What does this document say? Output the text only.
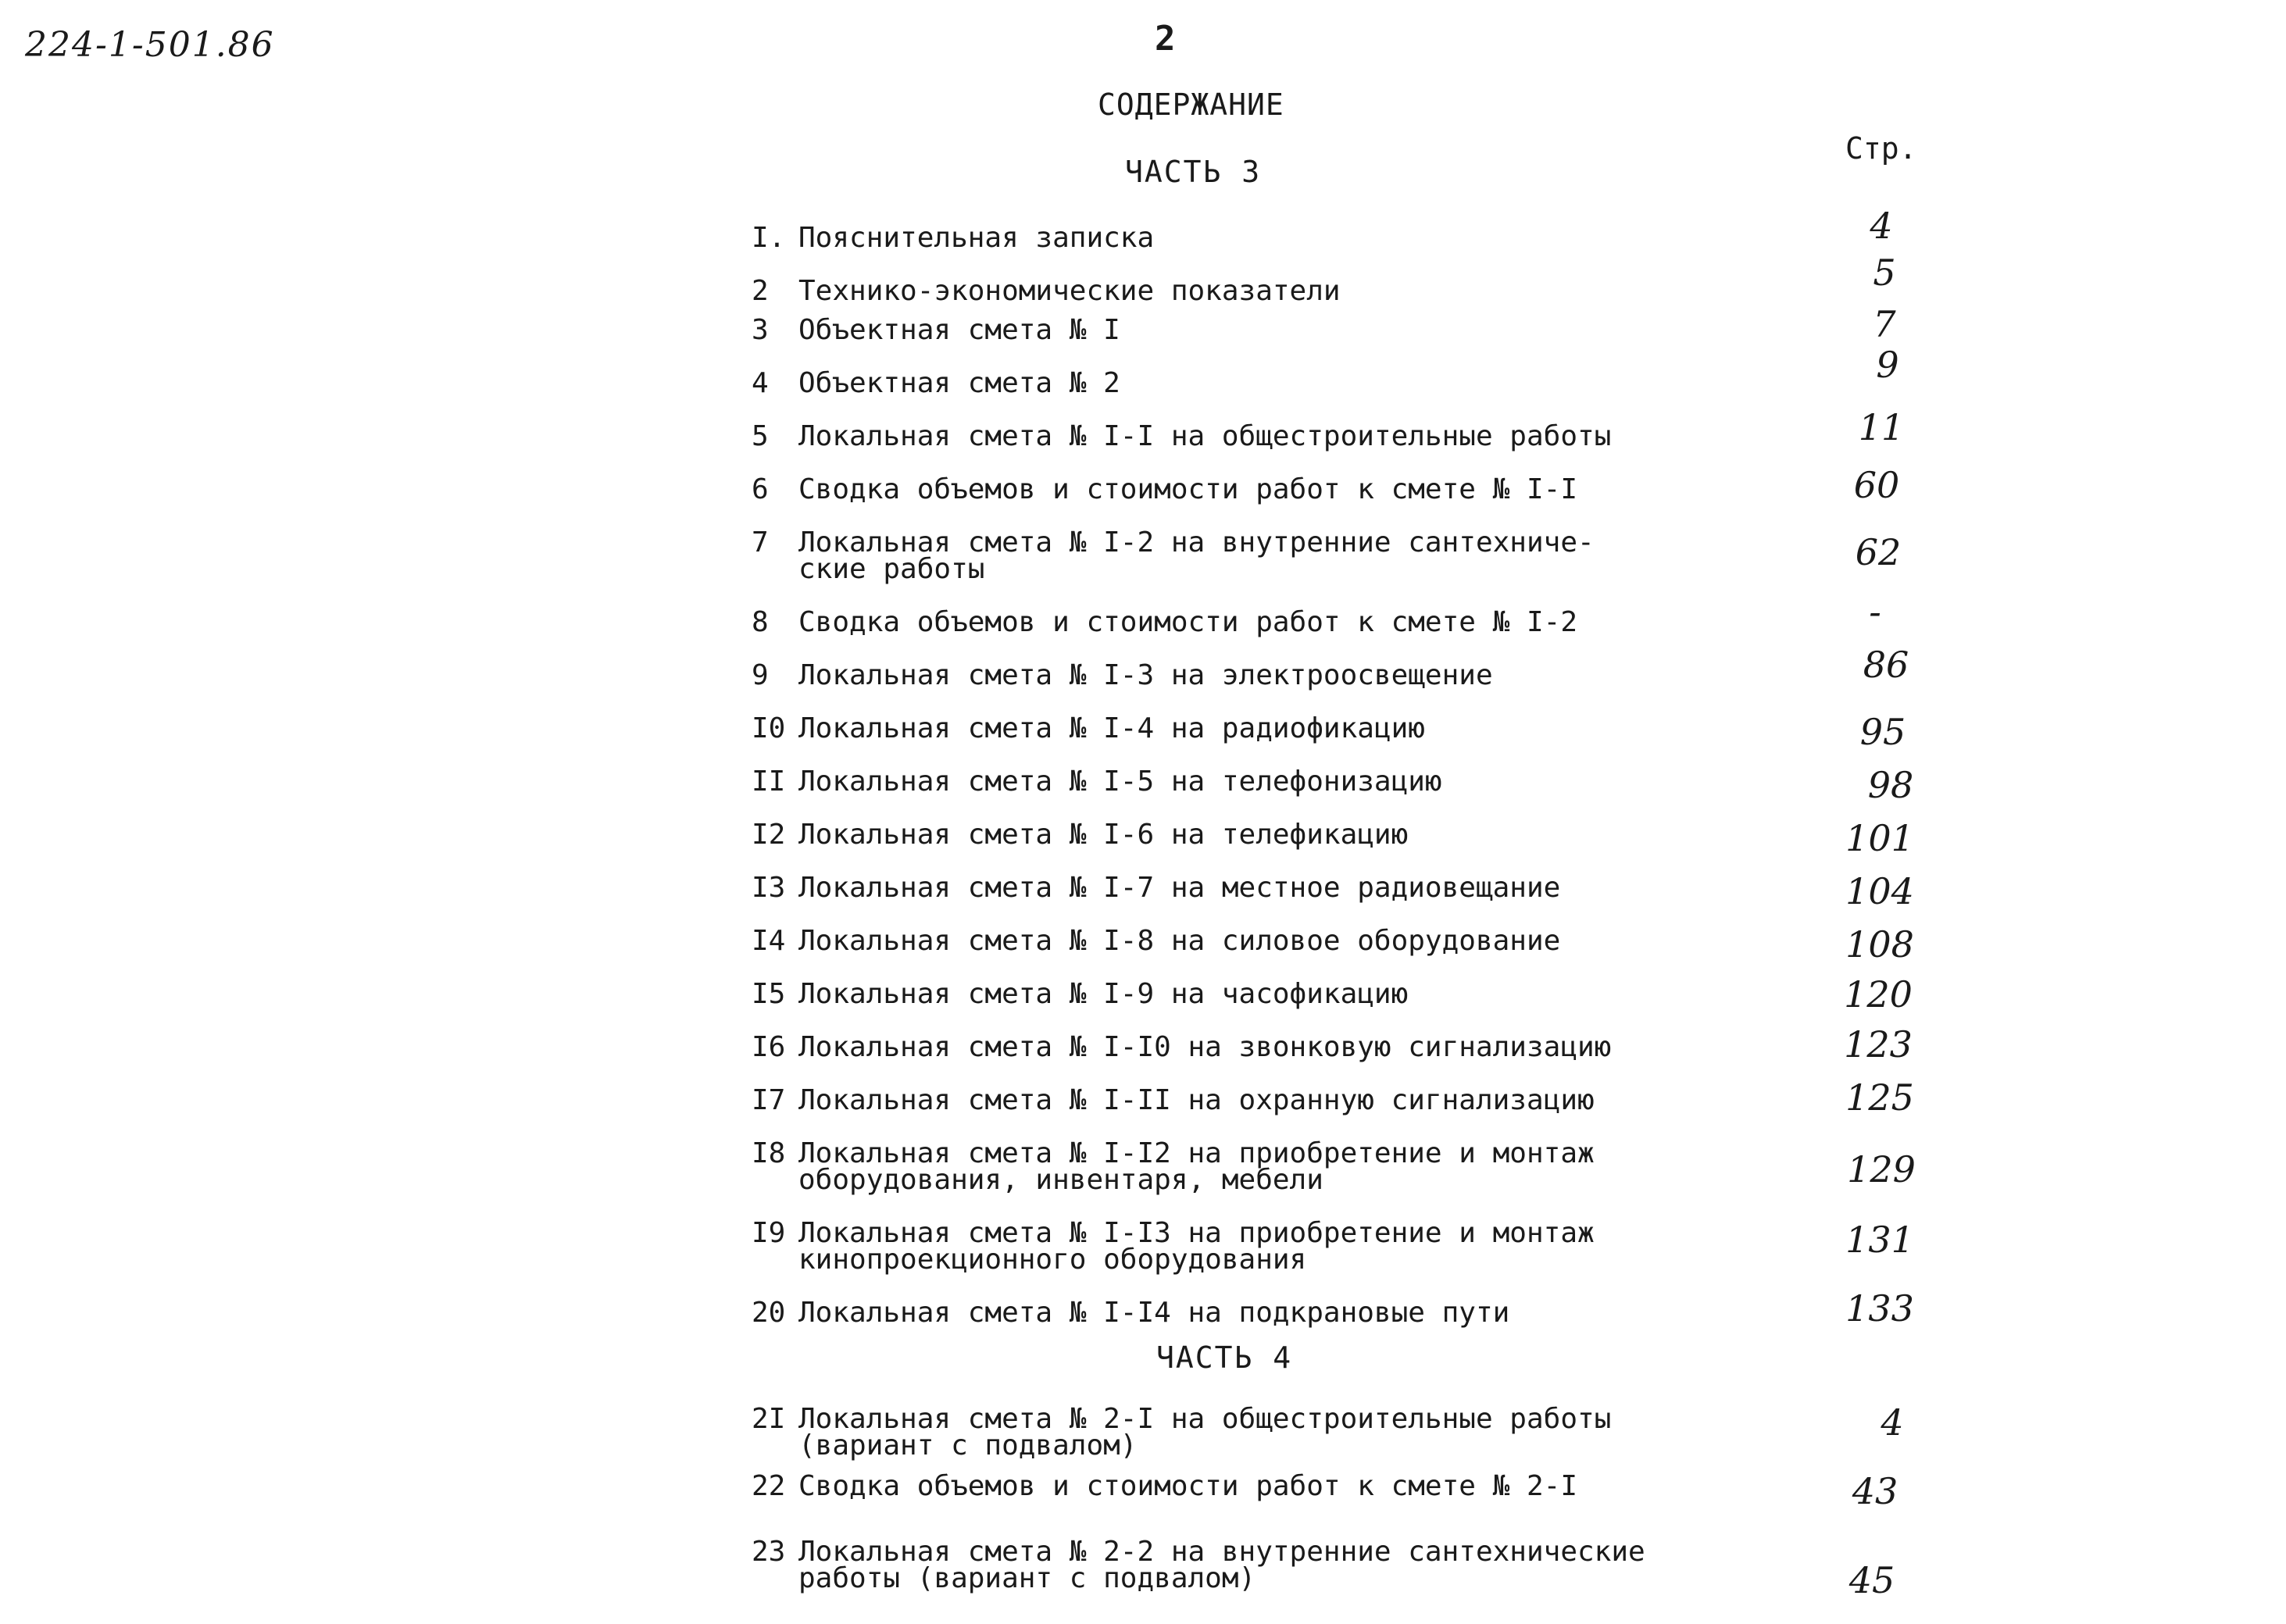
224-1-501.86	2
СОДЕРЖАНИЕ
Стр.
ЧАСТЬ 3
ЧАСТЬ 4
I. Пояснительная записка	4
2	Технико-экономические показатели	5
3	Объектная смета № I	7
4	Объектная смета № 2	9
5	Локальная смета № I-I на общестроительные работы	11
6	Сводка объемов и стоимости работ к смете № I-I	60
7	Локальная смета № I-2 на внутренние сантехниче-
ские работы	62
8	Сводка объемов и стоимости работ к смете № I-2	-
9	Локальная смета № I-3 на электроосвещение	86
I0 Локальная смета № I-4 на радиофикацию	95
II Локальная смета № I-5 на телефонизацию	98
I2 Локальная смета № I-6 на телефикацию	101
I3 Локальная смета № I-7 на местное радиовещание	104
I4 Локальная смета № I-8 на силовое оборудование	108
I5 Локальная смета № I-9 на часофикацию	120
I6 Локальная смета № I-I0 на звонковую сигнализацию	123
I7 Локальная смета № I-II на охранную сигнализацию	125
I8 Локальная смета № I-I2 на приобретение и монтаж
оборудования, инвентаря, мебели	129
I9 Локальная смета № I-I3 на приобретение и монтаж
кинопроекционного оборудования	131
20 Локальная смета № I-I4 на подкрановые пути	133
2I Локальная смета № 2-I на общестроительные работы
(вариант с подвалом)
4
22 Сводка объемов и стоимости работ к смете № 2-I	43
23 Локальная смета № 2-2 на внутренние сантехнические
работы (вариант с подвалом)	45
